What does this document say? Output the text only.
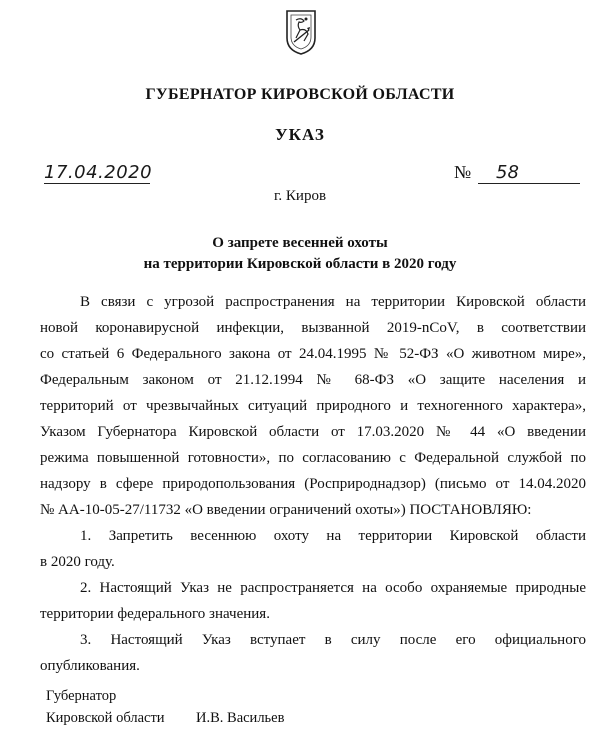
ГУБЕРНАТОР КИРОВСКОЙ ОБЛАСТИ
УКАЗ
17.04.2020	№	58
г. Киров
О запрете весенней охоты
на территории Кировской области в 2020 году
В связи с угрозой распространения на территории Кировской области
новой коронавирусной инфекции, вызванной 2019-nCoV, в соответствии
со статьей 6 Федерального закона от 24.04.1995 № 52-ФЗ «О животном мире»,
Федеральным законом от 21.12.1994 № 68-ФЗ «О защите населения и
территорий от чрезвычайных ситуаций природного и техногенного характера»,
Указом Губернатора Кировской области от 17.03.2020 № 44 «О введении
режима повышенной готовности», по согласованию с Федеральной службой по
надзору в сфере природопользования (Росприроднадзор) (письмо от 14.04.2020
№ АА-10-05-27/11732 «О введении ограничений охоты») ПОСТАНОВЛЯЮ:
1. Запретить весеннюю охоту на территории Кировской области
в 2020 году.
2. Настоящий Указ не распространяется на особо охраняемые природные
территории федерального значения.
3. Настоящий Указ вступает в силу после его официального
опубликования.
Губернатор
Кировской области И.В. Васильев
